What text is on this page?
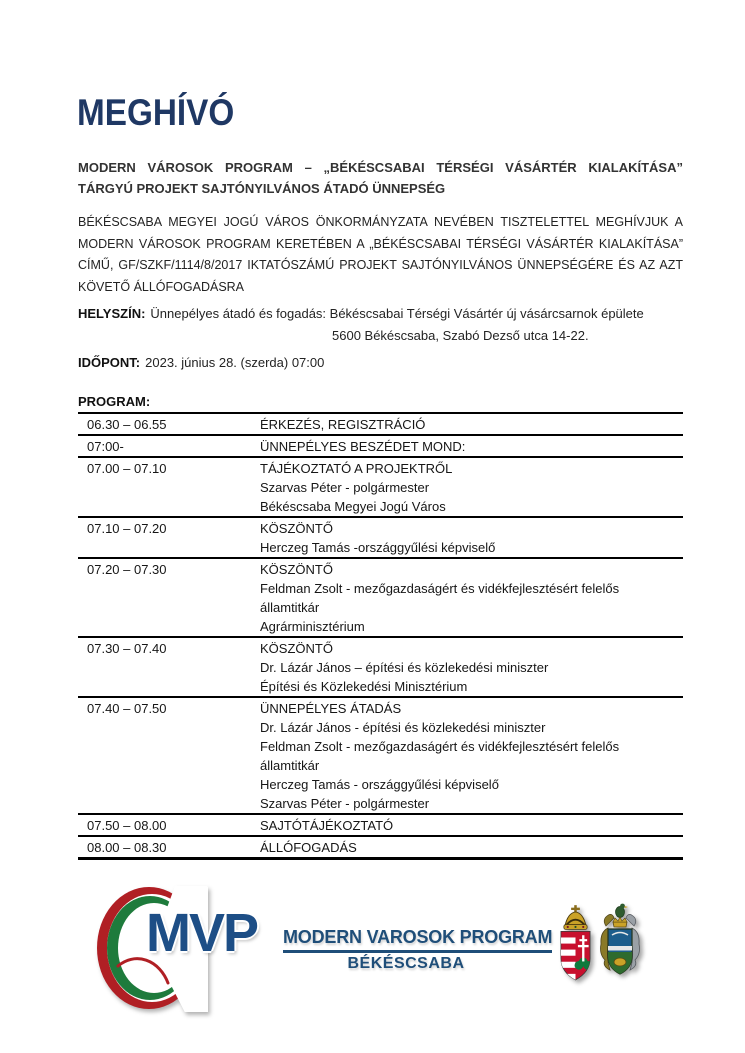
MEGHÍVÓ
MODERN VÁROSOK PROGRAM – „BÉKÉSCSABAI TÉRSÉGI VÁSÁRTÉR KIALAKÍTÁSA” TÁRGYÚ PROJEKT SAJTÓNYILVÁNOS ÁTADÓ ÜNNEPSÉG
BÉKÉSCSABA MEGYEI JOGÚ VÁROS ÖNKORMÁNYZATA NEVÉBEN TISZTELETTEL MEGHÍVJUK A MODERN VÁROSOK PROGRAM KERETÉBEN A „BÉKÉSCSABAI TÉRSÉGI VÁSÁRTÉR KIALAKÍTÁSA” CÍMŰ, GF/SZKF/1114/8/2017 IKTATÓSZÁMÚ PROJEKT SAJTÓNYILVÁNOS ÜNNEPSÉGÉRE ÉS AZ AZT KÖVETŐ ÁLLÓFOGADÁSRA
HELYSZÍN: Ünnepélyes átadó és fogadás: Békéscsabai Térségi Vásártér új vásárcsarnok épülete
5600 Békéscsaba, Szabó Dezső utca 14-22.
IDŐPONT: 2023. június 28. (szerda) 07:00
PROGRAM:
06.30 – 06.55	ÉRKEZÉS, REGISZTRÁCIÓ
07:00-	ÜNNEPÉLYES BESZÉDET MOND:
07.00 – 07.10	TÁJÉKOZTATÓ A PROJEKTRŐL
Szarvas Péter - polgármester
Békéscsaba Megyei Jogú Város
07.10 – 07.20	KÖSZÖNTŐ
Herczeg Tamás -országgyűlési képviselő
07.20 – 07.30	KÖSZÖNTŐ
Feldman Zsolt - mezőgazdaságért és vidékfejlesztésért felelős
államtitkár
Agrárminisztérium
07.30 – 07.40	KÖSZÖNTŐ
Dr. Lázár János – építési és közlekedési miniszter
Építési és Közlekedési Minisztérium
07.40 – 07.50	ÜNNEPÉLYES ÁTADÁS
Dr. Lázár János - építési és közlekedési miniszter
Feldman Zsolt - mezőgazdaságért és vidékfejlesztésért felelős
államtitkár
Herczeg Tamás - országgyűlési képviselő
Szarvas Péter - polgármester
07.50 – 08.00	SAJTÓTÁJÉKOZTATÓ
08.00 – 08.30	ÁLLÓFOGADÁS
MVP MODERN VAROSOK PROGRAM
BÉKÉSCSABA
